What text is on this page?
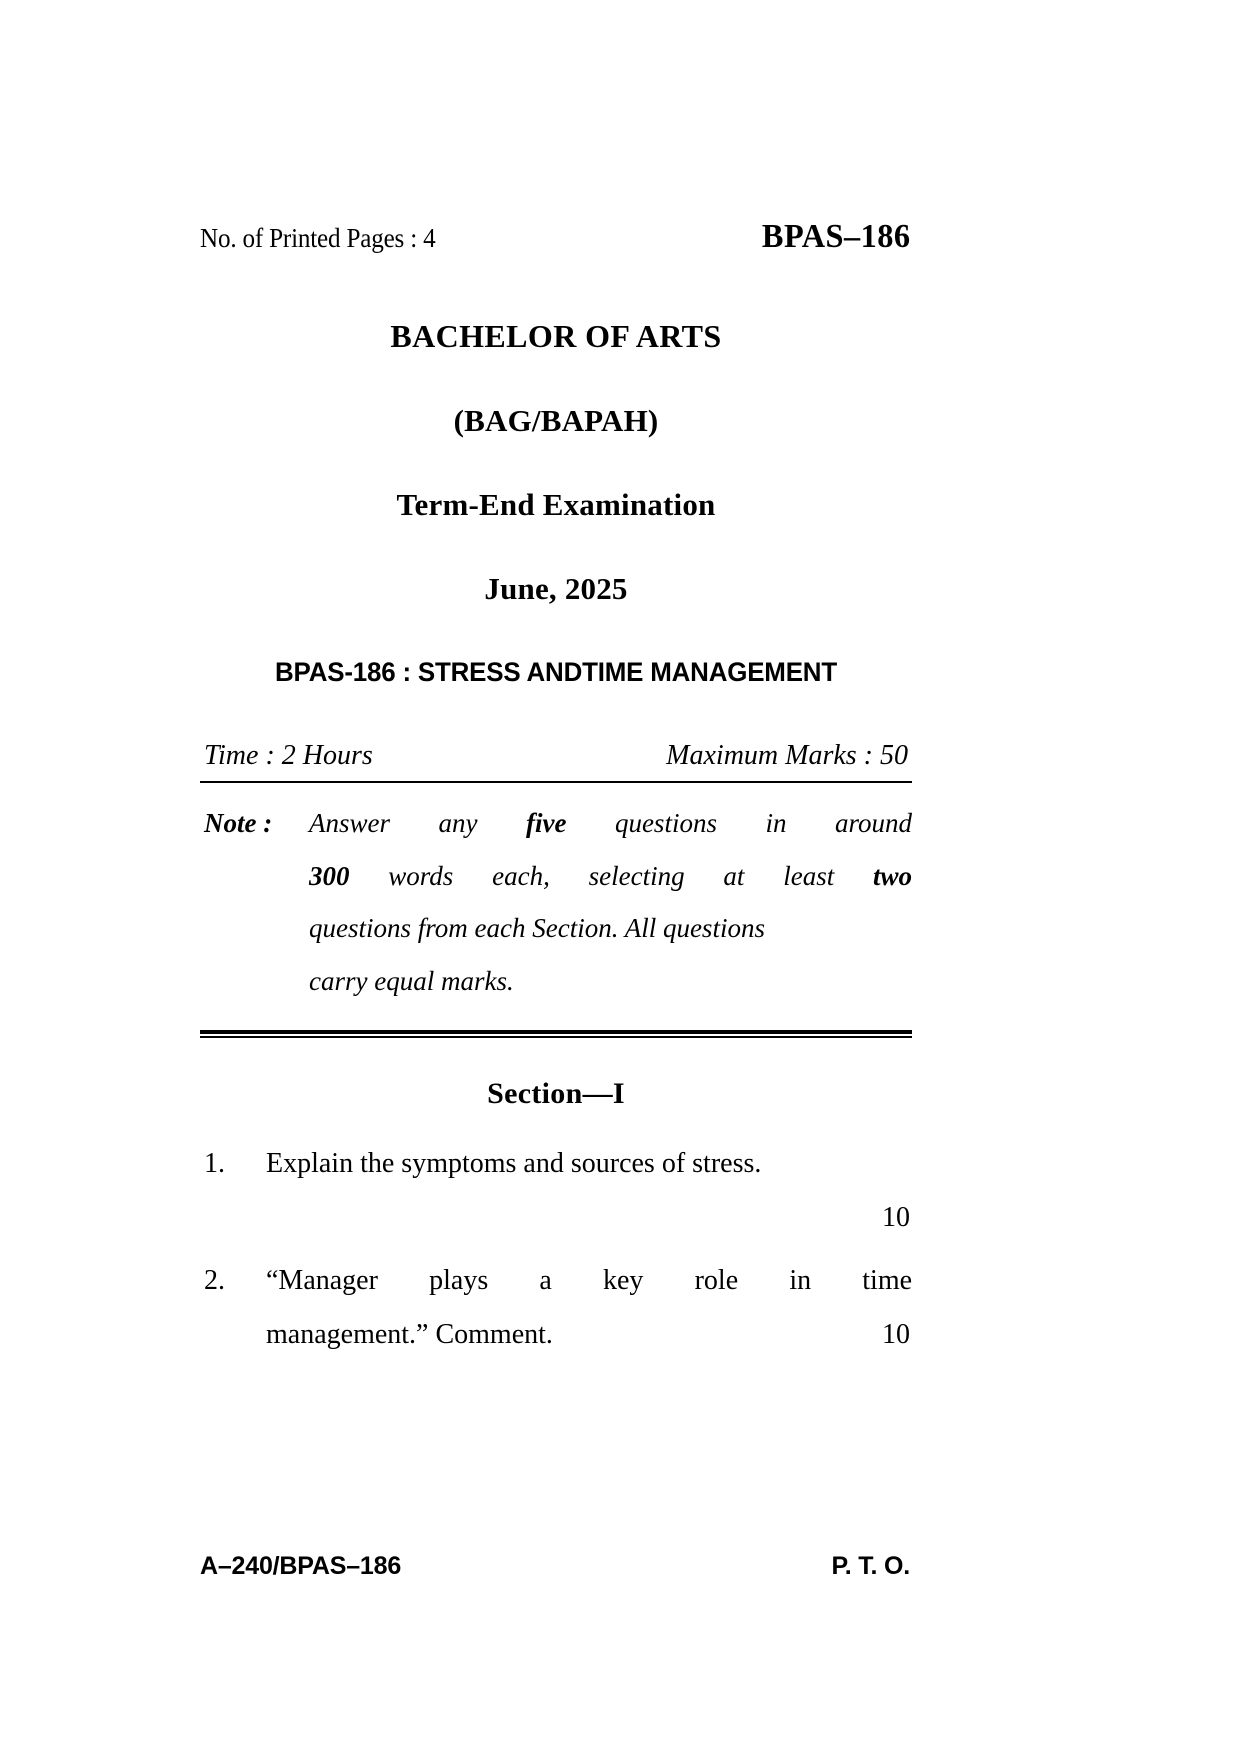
No. of Printed Pages : 4	BPAS–186
BACHELOR OF ARTS
(BAG/BAPAH)
Term-End Examination
June, 2025
BPAS-186 : STRESS ANDTIME MANAGEMENT
Time : 2 Hours	Maximum Marks : 50
Note :	Answer any five questions in around
300 words each, selecting at least two
questions from each Section. All questions
carry equal marks.
Section—I
1.	Explain the symptoms and sources of stress.
10
2.	“Manager plays a key role in time
management.” Comment.	10
A–240/BPAS–186	P. T. O.
